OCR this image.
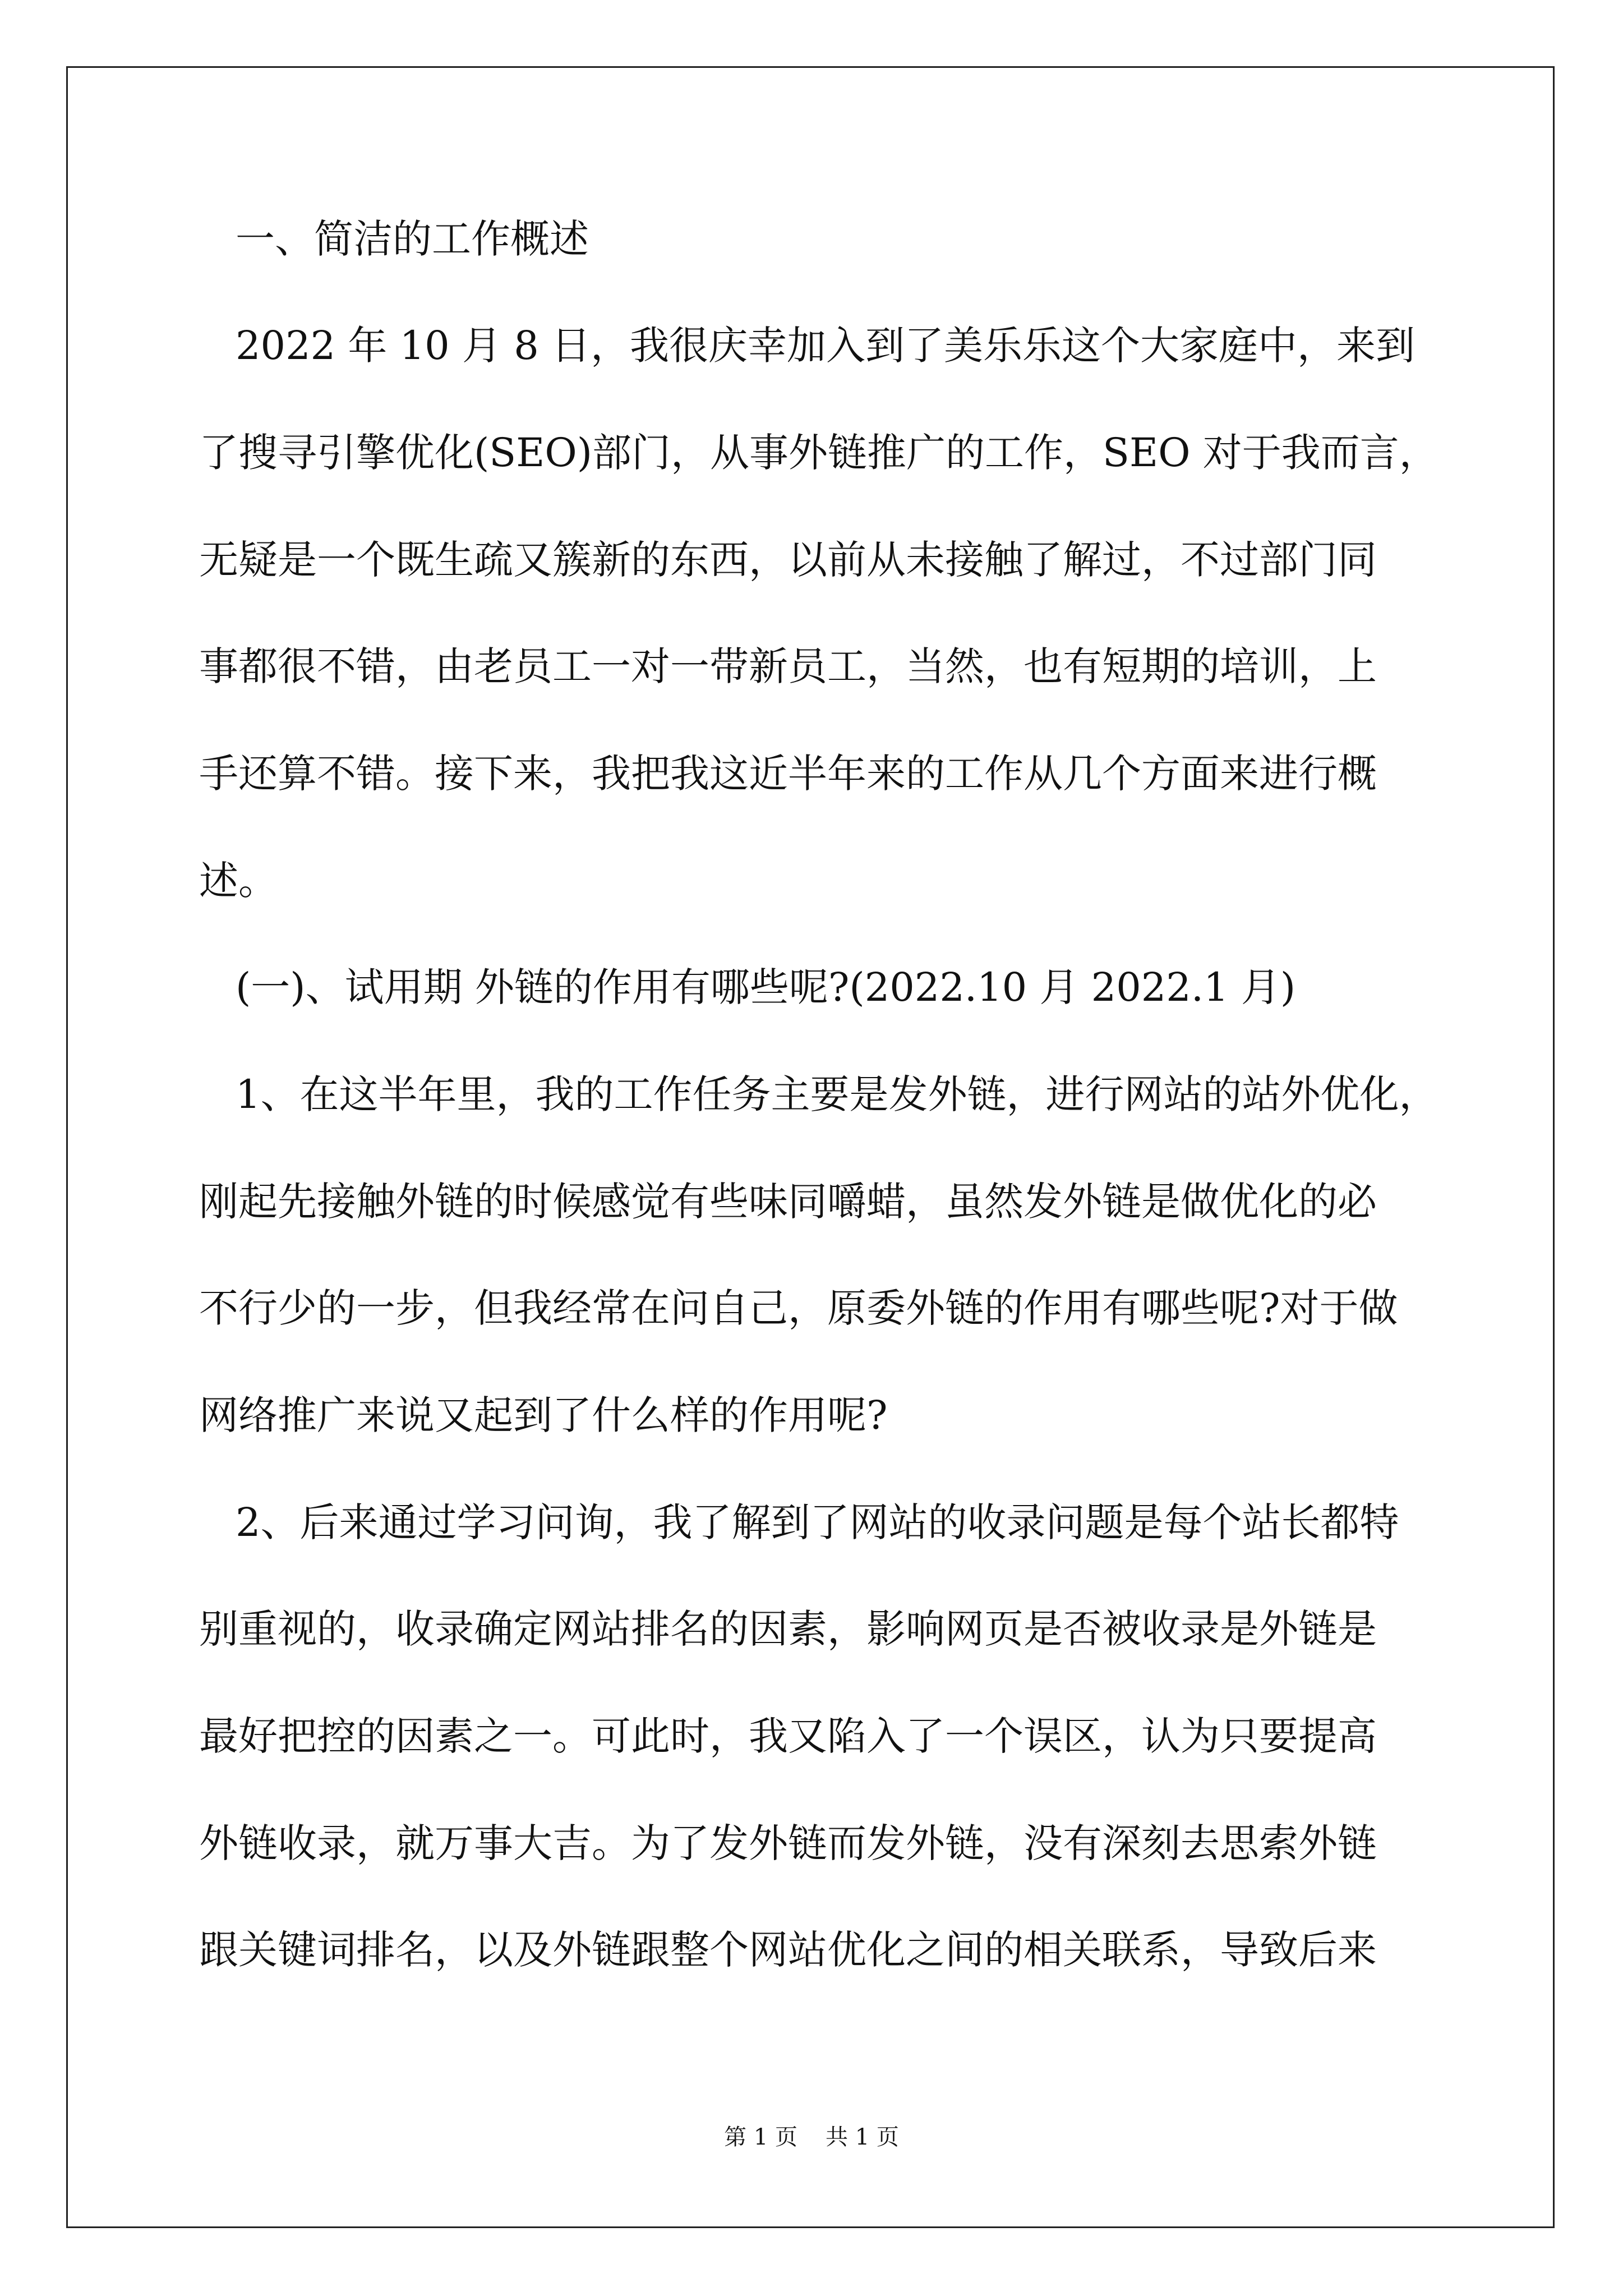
一、简洁的工作概述
2022 年 10 月 8 日，我很庆幸加入到了美乐乐这个大家庭中，来到
了搜寻引擎优化(SEO)部门，从事外链推广的工作，SEO 对于我而言，
无疑是一个既生疏又簇新的东西，以前从未接触了解过，不过部门同
事都很不错，由老员工一对一带新员工，当然，也有短期的培训，上
手还算不错。接下来，我把我这近半年来的工作从几个方面来进行概
述。
(一)、试用期 外链的作用有哪些呢?(2022.10 月 2022.1 月)
1、在这半年里，我的工作任务主要是发外链，进行网站的站外优化，
刚起先接触外链的时候感觉有些味同嚼蜡，虽然发外链是做优化的必
不行少的一步，但我经常在问自己，原委外链的作用有哪些呢?对于做
网络推广来说又起到了什么样的作用呢?
2、后来通过学习问询，我了解到了网站的收录问题是每个站长都特
别重视的，收录确定网站排名的因素，影响网页是否被收录是外链是
最好把控的因素之一。可此时，我又陷入了一个误区，认为只要提高
外链收录，就万事大吉。为了发外链而发外链，没有深刻去思索外链
跟关键词排名，以及外链跟整个网站优化之间的相关联系，导致后来
第 1 页 共 1 页
